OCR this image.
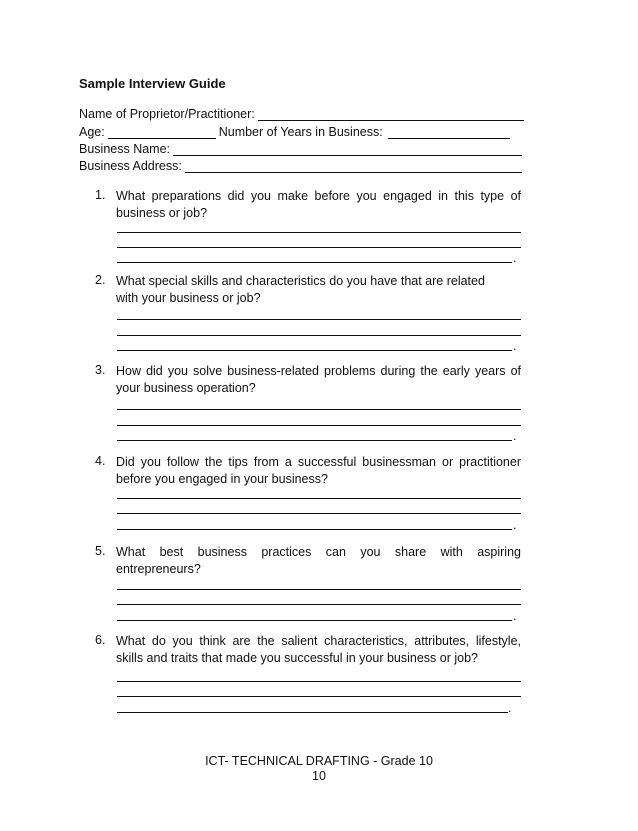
Sample Interview Guide
Name of Proprietor/Practitioner:
Age:	Number of Years in Business:
Business Name:
Business Address:
1. What preparations did you make before you engaged in this type of
business or job?
.
2. What special skills and characteristics do you have that are related
with your business or job?
.
3. How did you solve business-related problems during the early years of
your business operation?
.
4. Did you follow the tips from a successful businessman or practitioner
before you engaged in your business?
.
5. What best business practices can you share with aspiring
entrepreneurs?
.
6. What do you think are the salient characteristics, attributes, lifestyle,
skills and traits that made you successful in your business or job?
.
ICT- TECHNICAL DRAFTING - Grade 10
10
